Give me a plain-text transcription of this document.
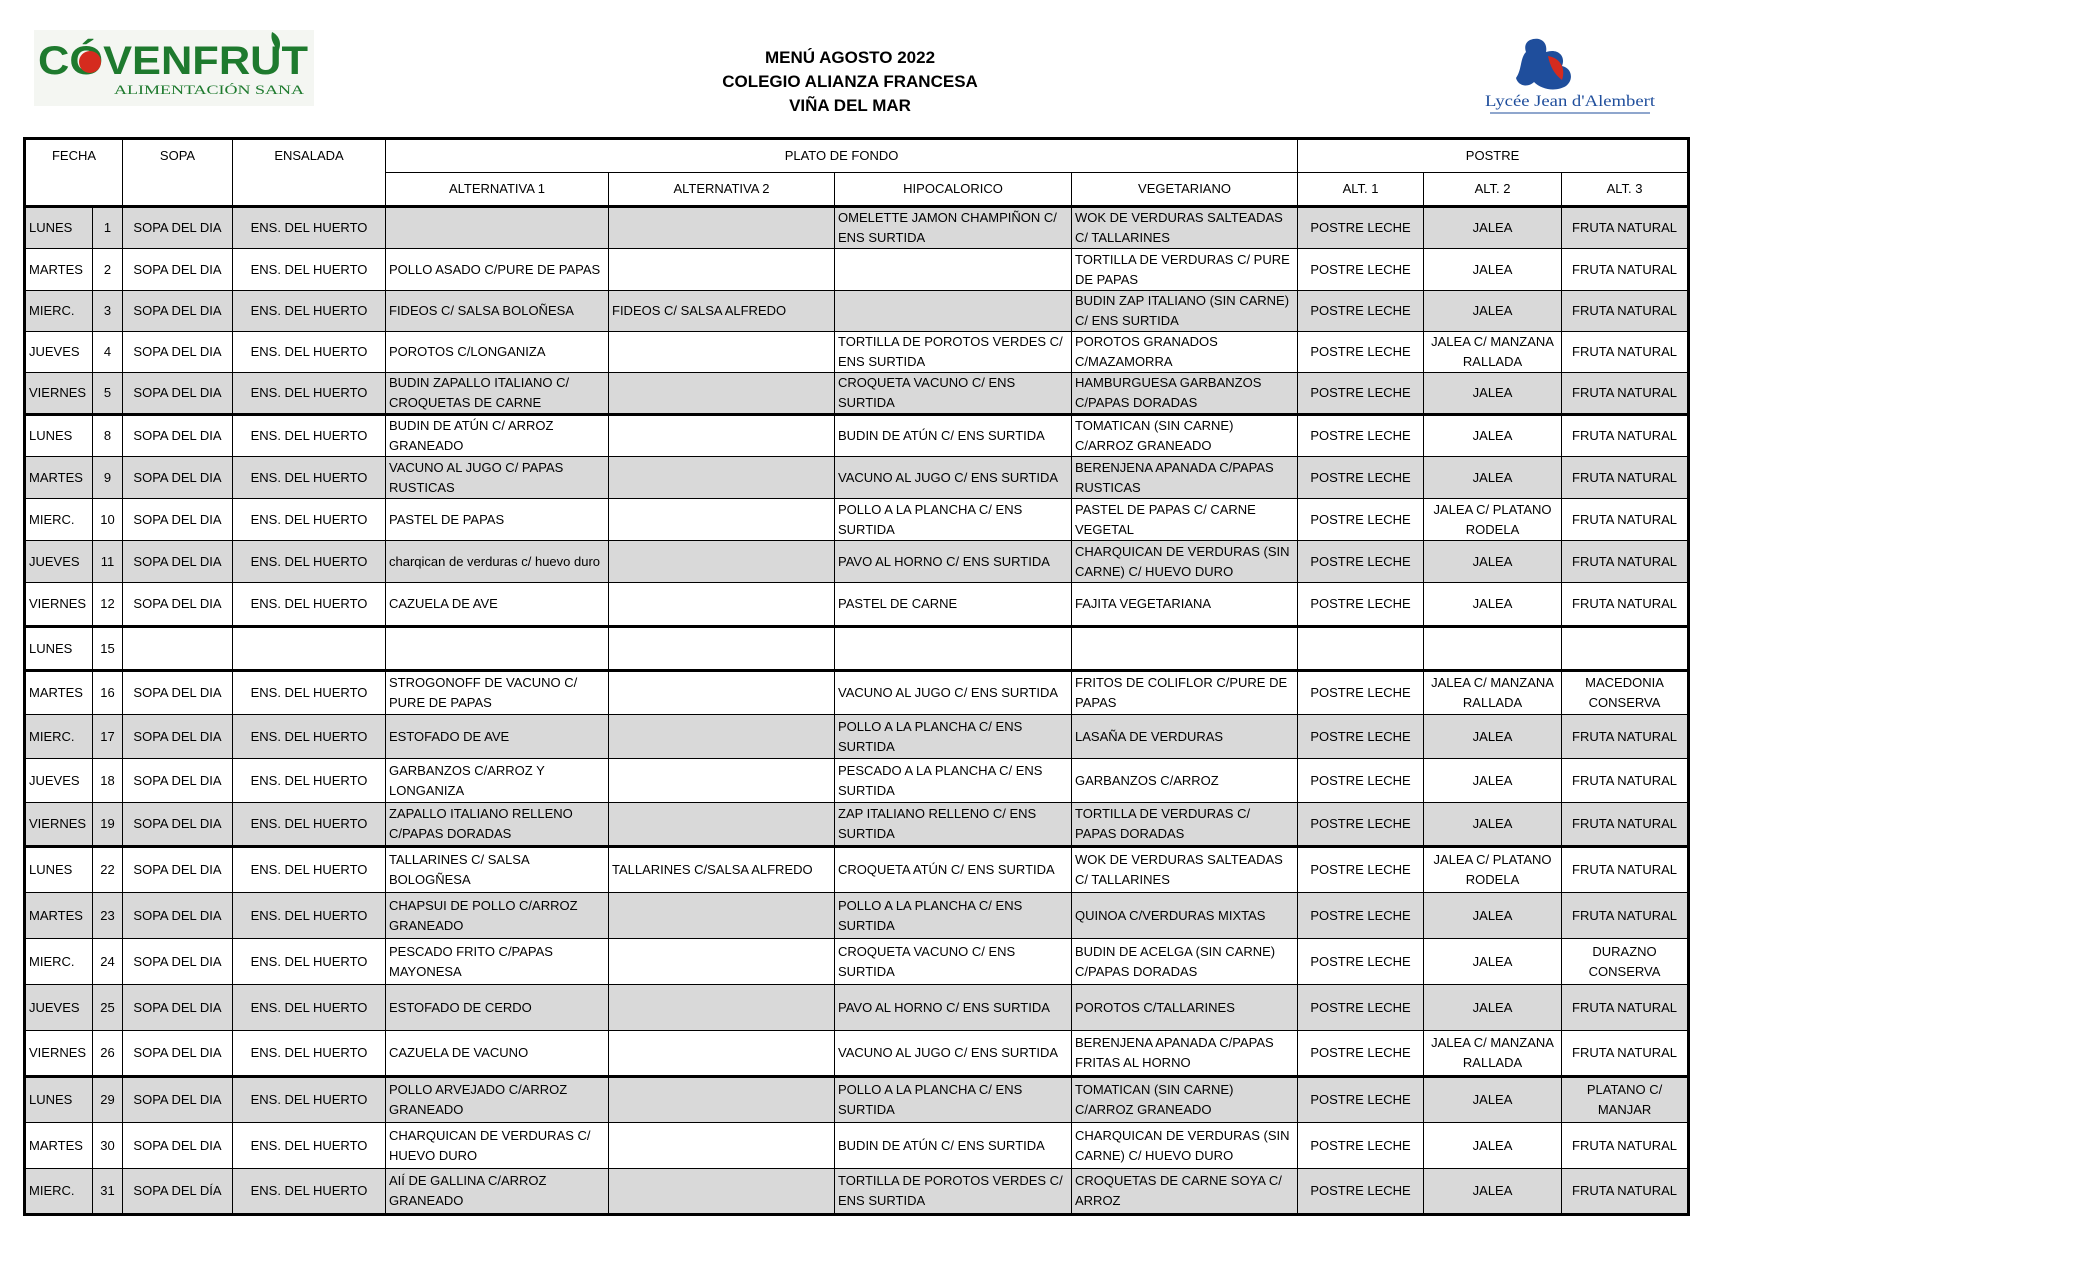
CÓVENFRUT
ALIMENTACIÓN SANA
MENÚ AGOSTO 2022
COLEGIO ALIANZA FRANCESA
VIÑA DEL MAR	Lycée Jean d'Alembert
FECHA		SOPA	ENSALADA	PLATO DE FONDO				POSTRE		
				ALTERNATIVA 1	ALTERNATIVA 2	HIPOCALORICO	VEGETARIANO	ALT. 1	ALT. 2	ALT. 3
LUNES	1	SOPA DEL DIA	ENS. DEL HUERTO			OMELETTE JAMON CHAMPIÑON C/ ENS SURTIDA	WOK DE VERDURAS SALTEADAS C/ TALLARINES	POSTRE LECHE	JALEA	FRUTA NATURAL
MARTES	2	SOPA DEL DIA	ENS. DEL HUERTO	POLLO ASADO C/PURE DE PAPAS			TORTILLA DE VERDURAS C/ PURE DE PAPAS	POSTRE LECHE	JALEA	FRUTA NATURAL
MIERC.	3	SOPA DEL DIA	ENS. DEL HUERTO	FIDEOS C/ SALSA BOLOÑESA	FIDEOS C/ SALSA ALFREDO		BUDIN ZAP ITALIANO (SIN CARNE) C/ ENS SURTIDA	POSTRE LECHE	JALEA	FRUTA NATURAL
JUEVES	4	SOPA DEL DIA	ENS. DEL HUERTO	POROTOS C/LONGANIZA		TORTILLA DE POROTOS VERDES C/ ENS SURTIDA	POROTOS GRANADOS C/MAZAMORRA	POSTRE LECHE	JALEA C/ MANZANA RALLADA	FRUTA NATURAL
VIERNES	5	SOPA DEL DIA	ENS. DEL HUERTO	BUDIN ZAPALLO ITALIANO C/ CROQUETAS DE CARNE		CROQUETA VACUNO C/ ENS SURTIDA	HAMBURGUESA GARBANZOS C/PAPAS DORADAS	POSTRE LECHE	JALEA	FRUTA NATURAL
LUNES	8	SOPA DEL DIA	ENS. DEL HUERTO	BUDIN DE ATÚN C/ ARROZ GRANEADO		BUDIN DE ATÚN C/ ENS SURTIDA	TOMATICAN (SIN CARNE) C/ARROZ GRANEADO	POSTRE LECHE	JALEA	FRUTA NATURAL
MARTES	9	SOPA DEL DIA	ENS. DEL HUERTO	VACUNO AL JUGO C/ PAPAS RUSTICAS		VACUNO AL JUGO C/ ENS SURTIDA	BERENJENA APANADA C/PAPAS RUSTICAS	POSTRE LECHE	JALEA	FRUTA NATURAL
MIERC.	10	SOPA DEL DIA	ENS. DEL HUERTO	PASTEL DE PAPAS		POLLO A LA PLANCHA C/ ENS SURTIDA	PASTEL DE PAPAS C/ CARNE VEGETAL	POSTRE LECHE	JALEA C/ PLATANO RODELA	FRUTA NATURAL
JUEVES	11	SOPA DEL DIA	ENS. DEL HUERTO	charqican de verduras c/ huevo duro		PAVO AL HORNO C/ ENS SURTIDA	CHARQUICAN DE VERDURAS (SIN CARNE) C/ HUEVO DURO	POSTRE LECHE	JALEA	FRUTA NATURAL
VIERNES	12	SOPA DEL DIA	ENS. DEL HUERTO	CAZUELA DE AVE		PASTEL DE CARNE	FAJITA VEGETARIANA	POSTRE LECHE	JALEA	FRUTA NATURAL
LUNES	15									
MARTES	16	SOPA DEL DIA	ENS. DEL HUERTO	STROGONOFF DE VACUNO C/ PURE DE PAPAS		VACUNO AL JUGO C/ ENS SURTIDA	FRITOS DE COLIFLOR C/PURE DE PAPAS	POSTRE LECHE	JALEA C/ MANZANA RALLADA	MACEDONIA CONSERVA
MIERC.	17	SOPA DEL DIA	ENS. DEL HUERTO	ESTOFADO DE AVE		POLLO A LA PLANCHA C/ ENS SURTIDA	LASAÑA DE VERDURAS	POSTRE LECHE	JALEA	FRUTA NATURAL
JUEVES	18	SOPA DEL DIA	ENS. DEL HUERTO	GARBANZOS C/ARROZ Y LONGANIZA		PESCADO A LA PLANCHA C/ ENS SURTIDA	GARBANZOS C/ARROZ	POSTRE LECHE	JALEA	FRUTA NATURAL
VIERNES	19	SOPA DEL DIA	ENS. DEL HUERTO	ZAPALLO ITALIANO RELLENO C/PAPAS DORADAS		ZAP ITALIANO RELLENO C/ ENS SURTIDA	TORTILLA DE VERDURAS C/ PAPAS DORADAS	POSTRE LECHE	JALEA	FRUTA NATURAL
LUNES	22	SOPA DEL DIA	ENS. DEL HUERTO	TALLARINES C/ SALSA BOLOGÑESA	TALLARINES C/SALSA ALFREDO	CROQUETA ATÚN C/ ENS SURTIDA	WOK DE VERDURAS SALTEADAS C/ TALLARINES	POSTRE LECHE	JALEA C/ PLATANO RODELA	FRUTA NATURAL
MARTES	23	SOPA DEL DIA	ENS. DEL HUERTO	CHAPSUI DE POLLO C/ARROZ GRANEADO		POLLO A LA PLANCHA C/ ENS SURTIDA	QUINOA C/VERDURAS MIXTAS	POSTRE LECHE	JALEA	FRUTA NATURAL
MIERC.	24	SOPA DEL DIA	ENS. DEL HUERTO	PESCADO FRITO C/PAPAS MAYONESA		CROQUETA VACUNO C/ ENS SURTIDA	BUDIN DE ACELGA (SIN CARNE) C/PAPAS DORADAS	POSTRE LECHE	JALEA	DURAZNO CONSERVA
JUEVES	25	SOPA DEL DIA	ENS. DEL HUERTO	ESTOFADO DE CERDO		PAVO AL HORNO C/ ENS SURTIDA	POROTOS C/TALLARINES	POSTRE LECHE	JALEA	FRUTA NATURAL
VIERNES	26	SOPA DEL DIA	ENS. DEL HUERTO	CAZUELA DE VACUNO		VACUNO AL JUGO C/ ENS SURTIDA	BERENJENA APANADA C/PAPAS FRITAS AL HORNO	POSTRE LECHE	JALEA C/ MANZANA RALLADA	FRUTA NATURAL
LUNES	29	SOPA DEL DIA	ENS. DEL HUERTO	POLLO ARVEJADO C/ARROZ GRANEADO		POLLO A LA PLANCHA C/ ENS SURTIDA	TOMATICAN (SIN CARNE) C/ARROZ GRANEADO	POSTRE LECHE	JALEA	PLATANO C/ MANJAR
MARTES	30	SOPA DEL DIA	ENS. DEL HUERTO	CHARQUICAN DE VERDURAS C/ HUEVO DURO		BUDIN DE ATÚN C/ ENS SURTIDA	CHARQUICAN DE VERDURAS (SIN CARNE) C/ HUEVO DURO	POSTRE LECHE	JALEA	FRUTA NATURAL
MIERC.	31	SOPA DEL DÍA	ENS. DEL HUERTO	AIÍ DE GALLINA C/ARROZ GRANEADO		TORTILLA DE POROTOS VERDES C/ ENS SURTIDA	CROQUETAS DE CARNE SOYA C/ ARROZ	POSTRE LECHE	JALEA	FRUTA NATURAL
